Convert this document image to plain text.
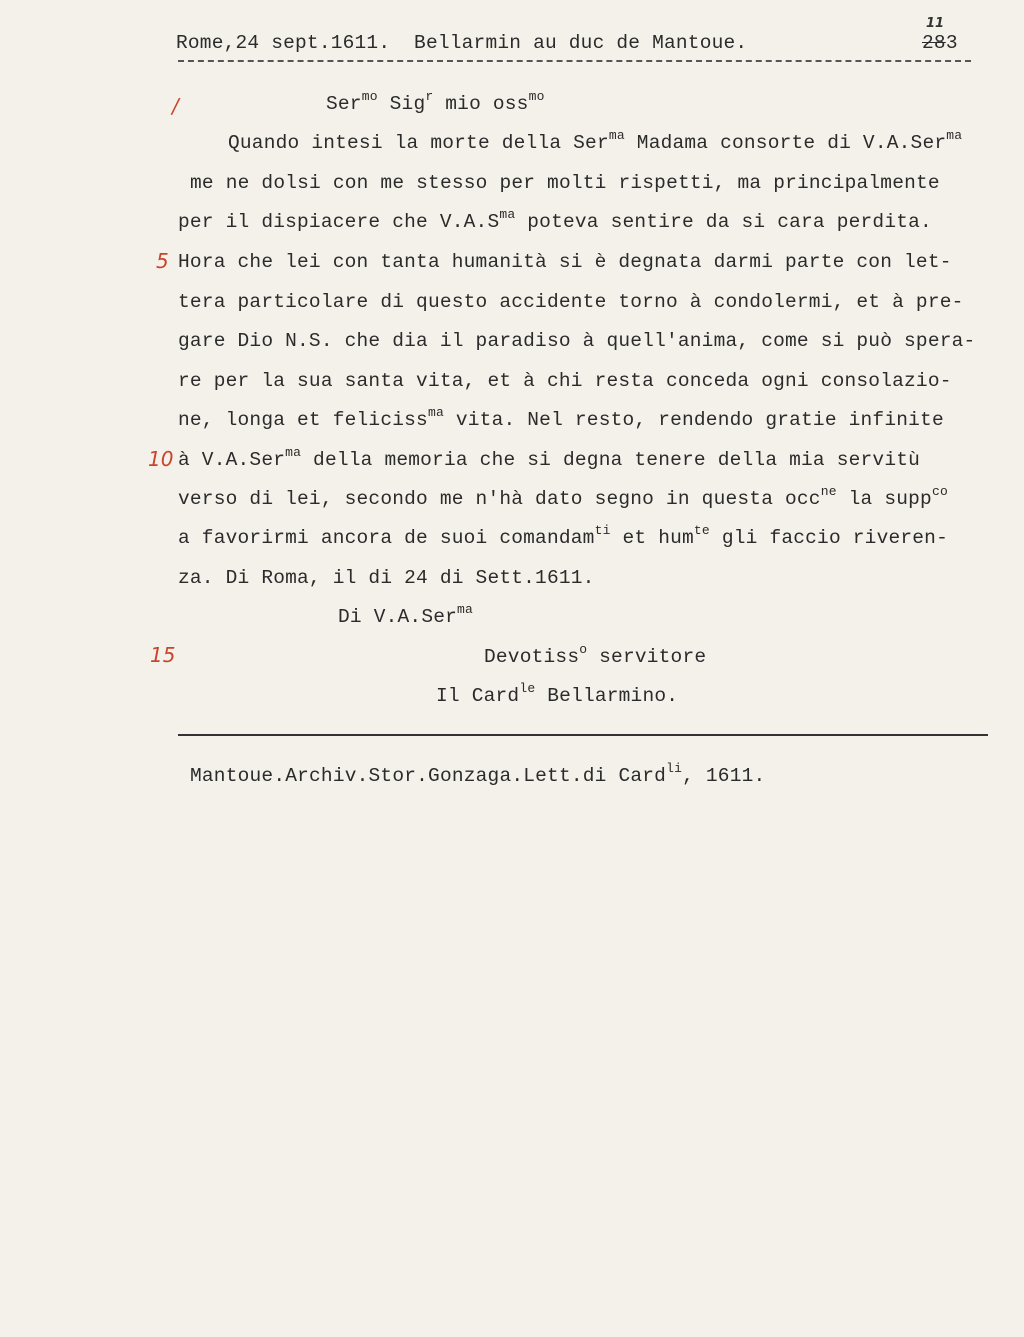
Rome,24 sept.1611. Bellarmin au duc de Mantoue.
11
283
/
5
10
15
Ser$^{mo}$ Sig$^r$ mio oss$^{mo}$
Quando intesi la morte della Ser$^{ma}$ Madama consorte di V.A.Ser$^{ma}$
me ne dolsi con me stesso per molti rispetti, ma principalmente
per il dispiacere che $V.A.S^{ma}$ poteva sentire da si cara perdita.
Hora che lei con tanta humanità si è degnata darmi parte con let-
tera particolare di questo accidente torno à condolermi, et à pre-
gare Dio N.S. che dia il paradiso à quell'anima, come si può spera-
re per la sua santa vita, et à chi resta conceda ogni consolazio-
ne, longa et feliciss$^{ma}$ vita. Nel resto, rendendo gratie infinite
à V.A.Ser$^{ma}$ della memoria che si degna tenere della mia servitù
verso di lei, secondo me n'hà dato segno in questa occ$^{ne}$ la supp$^{co}$
a favorirmi ancora de suoi comandam$^{ti}$ et hum$^{te}$ gli faccio riveren-
za. Di Roma, il di 24 di Sett.1611.
Di V.A.Ser$^{ma}$
Devotiss$^o$ servitore
Il Card$^{le}$ Bellarmino.
Mantoue.Archiv.Stor.Gonzaga.Lett.di Card$^{li}$, 1611.
